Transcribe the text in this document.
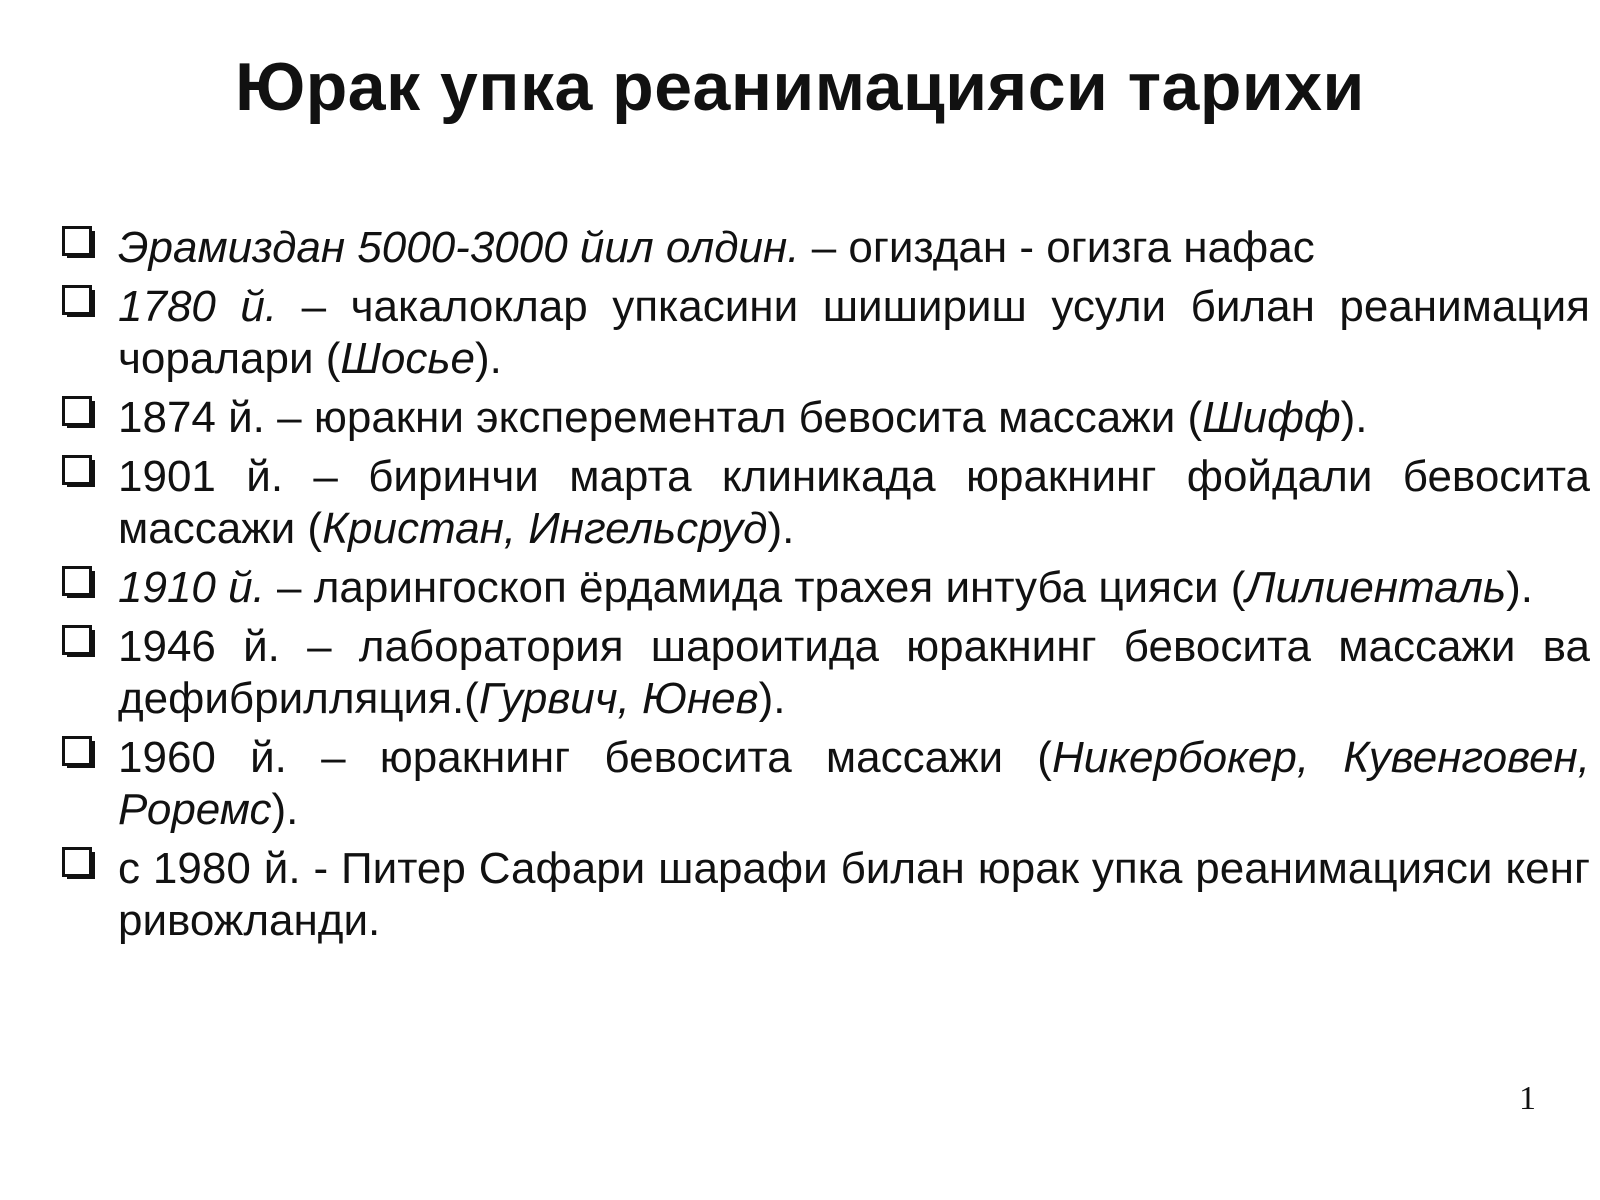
Юрак упка реанимацияси тарихи
Эрамиздан 5000-3000 йил олдин. – огиздан - огизга нафас
1780 й. – чакалоклар упкасини шишириш усули билан реанимация чоралари (Шосье).
1874 й. – юракни эксперементал бевосита массажи (Шифф).
1901 й. – биринчи марта клиникада юракнинг фойдали бевосита массажи (Кристан, Ингельсруд).
1910 й. – ларингоскоп ёрдамида трахея интуба цияси (Лилиенталь).
1946 й. – лаборатория шароитида юракнинг бевосита массажи ва дефибрилляция.(Гурвич, Юнев).
1960 й. – юракнинг бевосита массажи (Никербокер, Кувенговен, Роремс).
с 1980 й. - Питер Сафари шарафи билан юрак упка реанимацияси кенг ривожланди.
1
